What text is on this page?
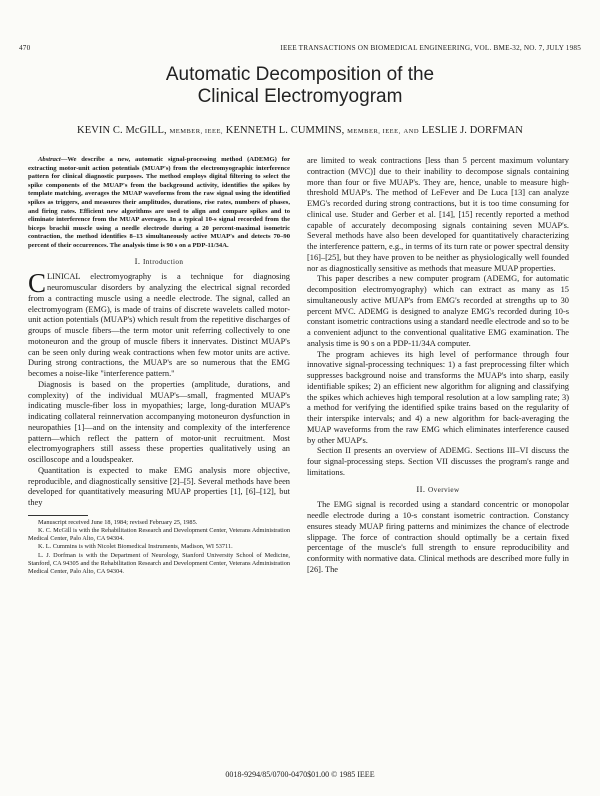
470	IEEE TRANSACTIONS ON BIOMEDICAL ENGINEERING, VOL. BME-32, NO. 7, JULY 1985
Automatic Decomposition of the
Clinical Electromyogram
KEVIN C. McGILL, MEMBER, IEEE, KENNETH L. CUMMINS, MEMBER, IEEE, AND LESLIE J. DORFMAN

Abstract—We describe a new, automatic signal-processing method (ADEMG) for extracting motor-unit action potentials (MUAP's) from the electromyographic interference pattern for clinical diagnostic purposes. The method employs digital filtering to select the spike components of the MUAP's from the background activity, identifies the spikes by template matching, averages the MUAP waveforms from the raw signal using the identified spikes as triggers, and measures their amplitudes, durations, rise rates, numbers of phases, and firing rates. Efficient new algorithms are used to align and compare spikes and to eliminate interference from the MUAP averages. In a typical 10-s signal recorded from the biceps brachii muscle using a needle electrode during a 20 percent-maximal isometric contraction, the method identifies 8–13 simultaneously active MUAP's and detects 70–90 percent of their occurrences. The analysis time is 90 s on a PDP-11/34A.

I. Introduction

CLINICAL electromyography is a technique for diagnosing neuromuscular disorders by analyzing the electrical signal recorded from a contracting muscle using a needle electrode. The signal, called an electromyogram (EMG), is made of trains of discrete wavelets called motor-unit action potentials (MUAP's) which result from the repetitive discharges of groups of muscle fibers—the term motor unit referring collectively to one motoneuron and the group of muscle fibers it innervates. Distinct MUAP's can be seen only during weak contractions when few motor units are active. During strong contractions, the MUAP's are so numerous that the EMG becomes a noise-like "interference pattern."

Diagnosis is based on the properties (amplitude, durations, and complexity) of the individual MUAP's—small, fragmented MUAP's indicating muscle-fiber loss in myopathies; large, long-duration MUAP's indicating collateral reinnervation accompanying motoneuron dysfunction in neuropathies [1]—and on the intensity and complexity of the interference pattern—which reflect the pattern of motor-unit recruitment. Most electromyographers still assess these properties qualitatively using an oscilloscope and a loudspeaker.

Quantitation is expected to make EMG analysis more objective, reproducible, and diagnostically sensitive [2]–[5]. Several methods have been developed for quantitatively measuring MUAP properties [1], [6]–[12], but they

Manuscript received June 18, 1984; revised February 25, 1985.

K. C. McGill is with the Rehabilitation Research and Development Center, Veterans Administration Medical Center, Palo Alto, CA 94304.

K. L. Cummins is with Nicolet Biomedical Instruments, Madison, WI 53711.

L. J. Dorfman is with the Department of Neurology, Stanford University School of Medicine, Stanford, CA 94305 and the Rehabilitation Research and Development Center, Veterans Administration Medical Center, Palo Alto, CA 94304.

are limited to weak contractions [less than 5 percent maximum voluntary contraction (MVC)] due to their inability to decompose signals containing more than four or five MUAP's. They are, hence, unable to measure high-threshold MUAP's. The method of LeFever and De Luca [13] can analyze EMG's recorded during strong contractions, but it is too time consuming for clinical use. Studer and Gerber et al. [14], [15] recently reported a method capable of accurately decomposing signals containing seven MUAP's. Several methods have also been developed for quantitatively characterizing the interference pattern, e.g., in terms of its turn rate or power spectral density [16]–[25], but they have proven to be neither as physiologically well founded nor as diagnostically sensitive as methods that measure MUAP properties.

This paper describes a new computer program (ADEMG, for automatic decomposition electromyography) which can extract as many as 15 simultaneously active MUAP's from EMG's recorded at strengths up to 30 percent MVC. ADEMG is designed to analyze EMG's recorded during 10-s constant isometric contractions using a standard needle electrode and so to be a convenient adjunct to the conventional qualitative EMG examination. The analysis time is 90 s on a PDP-11/34A computer.

The program achieves its high level of performance through four innovative signal-processing techniques: 1) a fast preprocessing filter which suppresses background noise and transforms the MUAP's into sharp, easily identifiable spikes; 2) an efficient new algorithm for aligning and classifying the spikes which achieves high temporal resolution at a low sampling rate; 3) a method for verifying the identified spike trains based on the regularity of their interspike intervals; and 4) a new algorithm for back-averaging the MUAP waveforms from the raw EMG which eliminates interference caused by other MUAP's.

Section II presents an overview of ADEMG. Sections III–VI discuss the four signal-processing steps. Section VII discusses the program's range and limitations.

II. Overview

The EMG signal is recorded using a standard concentric or monopolar needle electrode during a 10-s constant isometric contraction. Constancy ensures steady MUAP firing patterns and minimizes the chance of electrode slippage. The force of contraction should optimally be a certain fixed percentage of the muscle's full strength to ensure reproducibility and conformity with normative data. Clinical methods are described more fully in [26]. The

0018-9294/85/0700-0470$01.00 © 1985 IEEE
